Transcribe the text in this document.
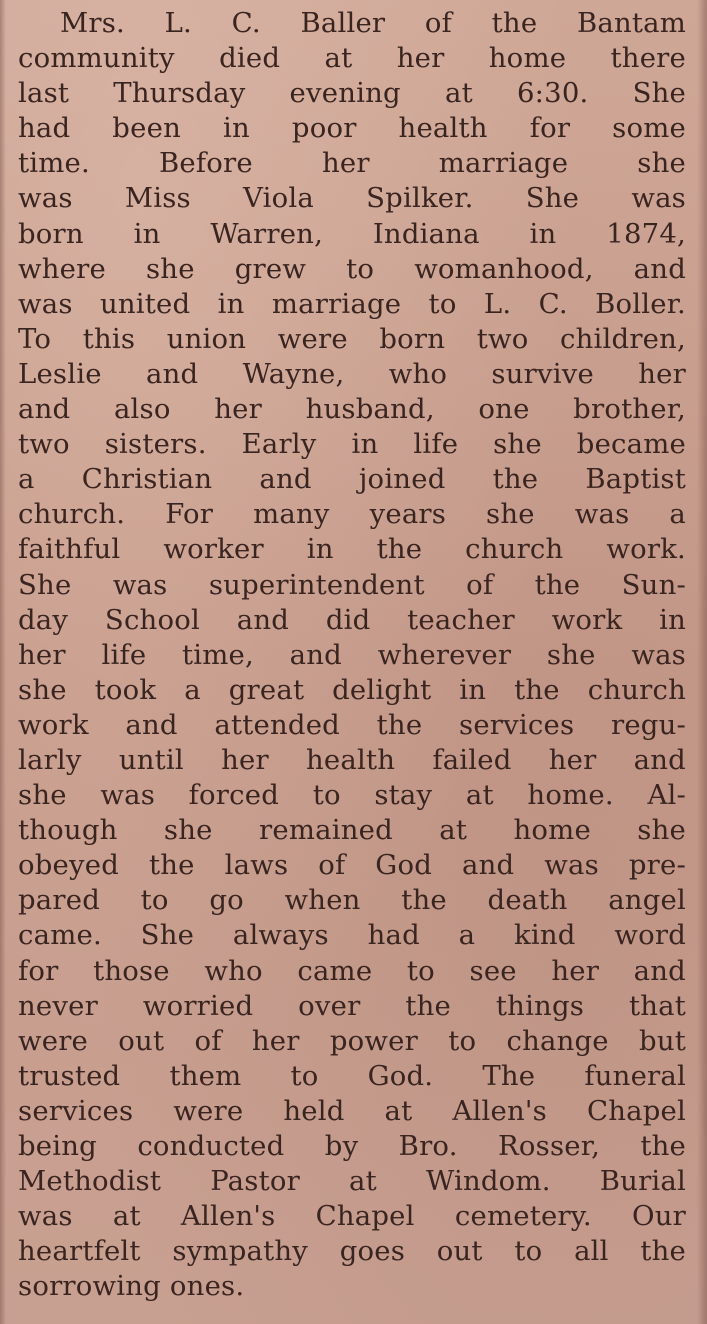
Mrs. L. C. Baller of the Bantam
community died at her home there
last Thursday evening at 6:30. She
had been in poor health for some
time. Before her marriage she
was Miss Viola Spilker. She was
born in Warren, Indiana in 1874,
where she grew to womanhood, and
was united in marriage to L. C. Boller.
To this union were born two children,
Leslie and Wayne, who survive her
and also her husband, one brother,
two sisters. Early in life she became
a Christian and joined the Baptist
church. For many years she was a
faithful worker in the church work.
She was superintendent of the Sun-
day School and did teacher work in
her life time, and wherever she was
she took a great delight in the church
work and attended the services regu-
larly until her health failed her and
she was forced to stay at home. Al-
though she remained at home she
obeyed the laws of God and was pre-
pared to go when the death angel
came. She always had a kind word
for those who came to see her and
never worried over the things that
were out of her power to change but
trusted them to God. The funeral
services were held at Allen's Chapel
being conducted by Bro. Rosser, the
Methodist Pastor at Windom. Burial
was at Allen's Chapel cemetery. Our
heartfelt sympathy goes out to all the
sorrowing ones.
